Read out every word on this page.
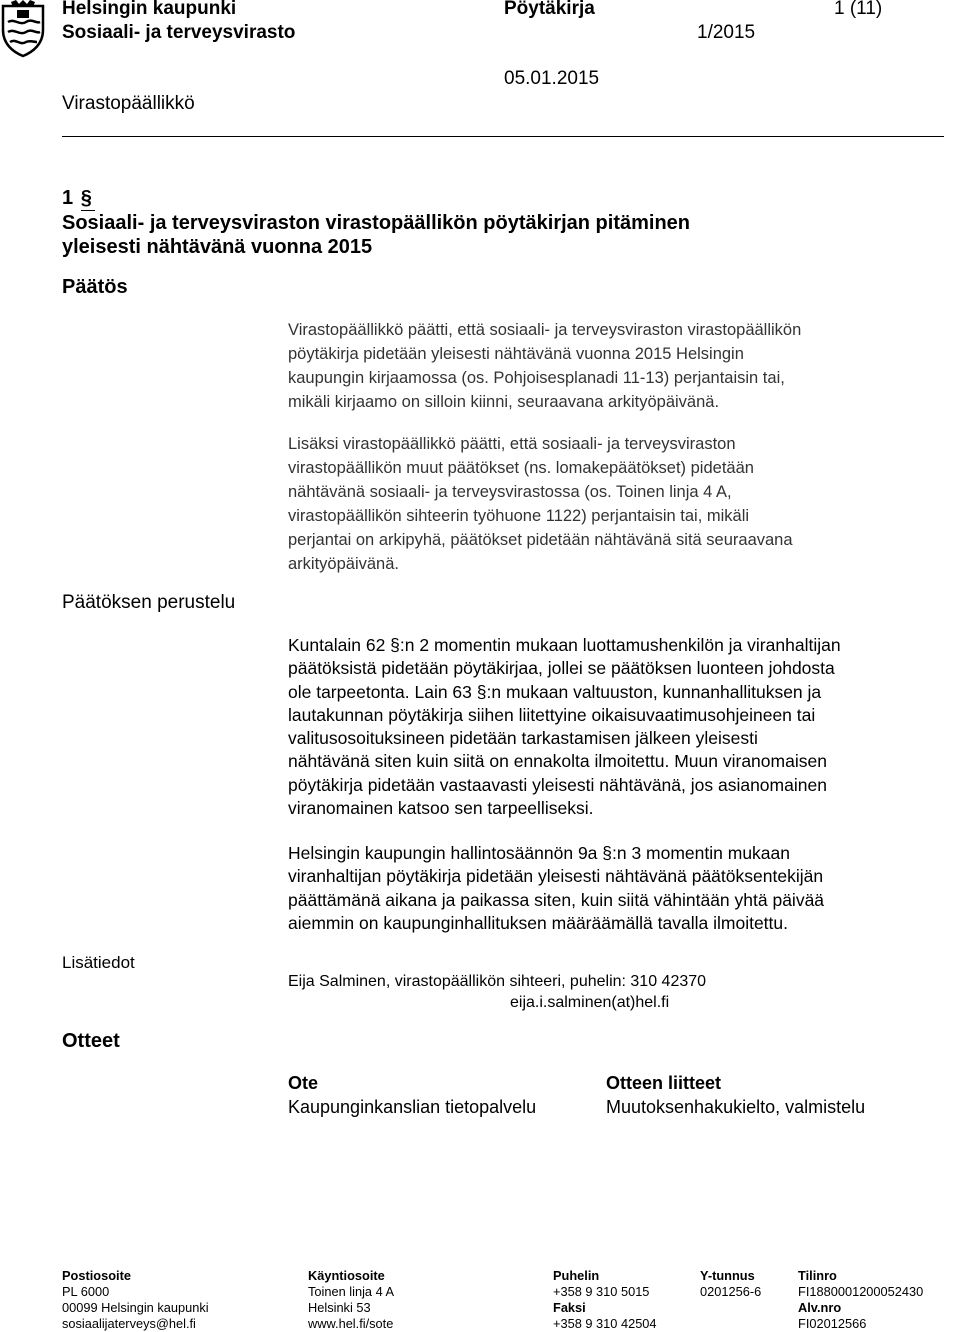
Helsingin kaupunki
Sosiaali- ja terveysvirasto
Pöytäkirja
1/2015
1 (11)
05.01.2015
Virastopäällikkö
1 §
Sosiaali- ja terveysviraston virastopäällikön pöytäkirjan pitäminen
yleisesti nähtävänä vuonna 2015
Päätös
Päätöksen perustelu
Lisätiedot
Otteet
Virastopäällikkö päätti, että sosiaali- ja terveysviraston virastopäällikön
pöytäkirja pidetään yleisesti nähtävänä vuonna 2015 Helsingin
kaupungin kirjaamossa (os. Pohjoisesplanadi 11-13) perjantaisin tai,
mikäli kirjaamo on silloin kiinni, seuraavana arkityöpäivänä.
Lisäksi virastopäällikkö päätti, että sosiaali- ja terveysviraston
virastopäällikön muut päätökset (ns. lomakepäätökset) pidetään
nähtävänä sosiaali- ja terveysvirastossa (os. Toinen linja 4 A,
virastopäällikön sihteerin työhuone 1122) perjantaisin tai, mikäli
perjantai on arkipyhä, päätökset pidetään nähtävänä sitä seuraavana
arkityöpäivänä.
Kuntalain 62 §:n 2 momentin mukaan luottamushenkilön ja viranhaltijan
päätöksistä pidetään pöytäkirjaa, jollei se päätöksen luonteen johdosta
ole tarpeetonta. Lain 63 §:n mukaan valtuuston, kunnanhallituksen ja
lautakunnan pöytäkirja siihen liitettyine oikaisuvaatimusohjeineen tai
valitusosoituksineen pidetään tarkastamisen jälkeen yleisesti
nähtävänä siten kuin siitä on ennakolta ilmoitettu. Muun viranomaisen
pöytäkirja pidetään vastaavasti yleisesti nähtävänä, jos asianomainen
viranomainen katsoo sen tarpeelliseksi.
Helsingin kaupungin hallintosäännön 9a §:n 3 momentin mukaan
viranhaltijan pöytäkirja pidetään yleisesti nähtävänä päätöksentekijän
päättämänä aikana ja paikassa siten, kuin siitä vähintään yhtä päivää
aiemmin on kaupunginhallituksen määräämällä tavalla ilmoitettu.
Eija Salminen, virastopäällikön sihteeri, puhelin: 310 42370
eija.i.salminen(at)hel.fi
Ote
Kaupunginkanslian tietopalvelu
Otteen liitteet
Muutoksenhakukielto, valmistelu
Postiosoite
PL 6000
00099 Helsingin kaupunki
sosiaalijaterveys@hel.fi
Käyntiosoite
Toinen linja 4 A
Helsinki 53
www.hel.fi/sote
Puhelin
+358 9 310 5015
Faksi
+358 9 310 42504
Y-tunnus
0201256-6
Tilinro
FI1880001200052430
Alv.nro
FI02012566
